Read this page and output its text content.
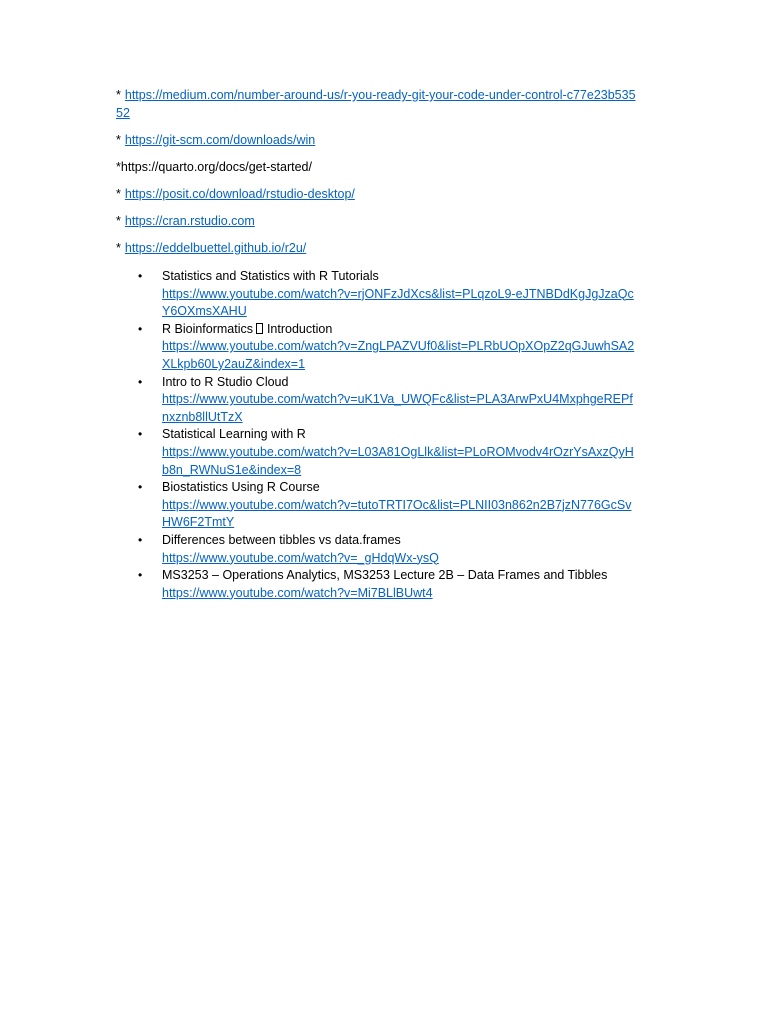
* https://medium.com/number-around-us/r-you-ready-git-your-code-under-control-c77e23b53552

* https://git-scm.com/downloads/win

*https://quarto.org/docs/get-started/

* https://posit.co/download/rstudio-desktop/

* https://cran.rstudio.com

* https://eddelbuettel.github.io/r2u/

• Statistics and Statistics with R Tutorials
https://www.youtube.com/watch?v=rjONFzJdXcs&list=PLqzoL9-eJTNBDdKgJgJzaQcY6OXmsXAHU
• R Bioinformatics  Introduction
https://www.youtube.com/watch?v=ZngLPAZVUf0&list=PLRbUOpXOpZ2qGJuwhSA2XLkpb60Ly2auZ&index=1
• Intro to R Studio Cloud
https://www.youtube.com/watch?v=uK1Va_UWQFc&list=PLA3ArwPxU4MxphgeREPfnxznb8llUtTzX
• Statistical Learning with R
https://www.youtube.com/watch?v=L03A81OgLlk&list=PLoROMvodv4rOzrYsAxzQyHb8n_RWNuS1e&index=8
• Biostatistics Using R Course
https://www.youtube.com/watch?v=tutoTRTI7Oc&list=PLNII03n862n2B7jzN776GcSvHW6F2TmtY
• Differences between tibbles vs data.frames
https://www.youtube.com/watch?v=_gHdqWx-ysQ
• MS3253 – Operations Analytics, MS3253 Lecture 2B – Data Frames and Tibbles
https://www.youtube.com/watch?v=Mi7BLlBUwt4
